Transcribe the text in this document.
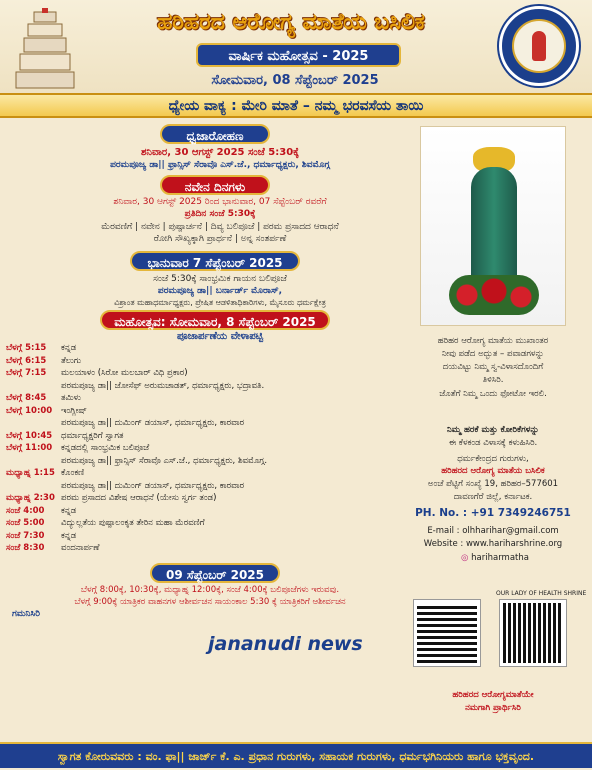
ಹರಿಹರದ ಆರೋಗ್ಯ ಮಾತೆಯ ಬಸಿಲಿಕ
ವಾರ್ಷಿಕ ಮಹೋತ್ಸವ - 2025
ಸೋಮವಾರ, 08 ಸೆಪ್ಟೆಂಬರ್ 2025
ಧ್ಯೇಯ ವಾಕ್ಯ : ಮೇರಿ ಮಾತೆ – ನಮ್ಮ ಭರವಸೆಯ ತಾಯಿ
ಧ್ವಜಾರೋಹಣ
ಶನಿವಾರ, 30 ಆಗಸ್ಟ್ 2025 ಸಂಜೆ 5:30ಕ್ಕೆ
ಪರಮಪೂಜ್ಯ ಡಾ|| ಫ್ರಾನ್ಸಿಸ್ ಸೆರಾವೊ ಎಸ್.ಜೆ., ಧರ್ಮಾಧ್ಯಕ್ಷರು, ಶಿವಮೊಗ್ಗ
ನವೇನ ದಿನಗಳು
ಶನಿವಾರ, 30 ಆಗಸ್ಟ್ 2025 ರಿಂದ ಭಾನುವಾರ, 07 ಸೆಪ್ಟೆಂಬರ್ ರವರೆಗೆ
ಪ್ರತಿದಿನ ಸಂಜೆ 5:30ಕ್ಕೆ
ಮೆರವಣಿಗೆ | ನವೇನ | ಪುಷ್ಪಾರ್ಚನೆ | ದಿವ್ಯ ಬಲಿಪೂಜೆ | ಪರಮ ಪ್ರಸಾದದ ಆರಾಧನೆ
ರೋಗಿ ಸೌಖ್ಯಕ್ಕಾಗಿ ಪ್ರಾರ್ಥನೆ | ಅನ್ನ ಸಂತರ್ಪಣೆ
ಭಾನುವಾರ 7 ಸೆಪ್ಟೆಂಬರ್ 2025
ಸಂಜೆ 5:30ಕ್ಕೆ ಸಾಂಭ್ರಮಿಕ ಗಾಯನ ಬಲಿಪೂಜೆ
ಪರಮಪೂಜ್ಯ ಡಾ|| ಬರ್ನಾರ್ಡ್ ಮೊರಾಸ್,
ವಿಶ್ರಾಂತ ಮಹಾಧರ್ಮಾಧ್ಯಕ್ಷರು, ಪ್ರೇಷಿತ ಆಡಳಿತಾಧಿಕಾರಿಗಳು, ಮೈಸೂರು ಧರ್ಮಕ್ಷೇತ್ರ
ಮಹೋತ್ಸವ: ಸೋಮವಾರ, 8 ಸೆಪ್ಟೆಂಬರ್ 2025
ಪೂಜಾರ್ಪಣೆಯ ವೇಳಾಪಟ್ಟಿ
ಬೆಳಗ್ಗೆ 5:15 ಕನ್ನಡ
ಬೆಳಗ್ಗೆ 6:15 ತೆಲುಗು
ಬೆಳಗ್ಗೆ 7:15 ಮಲಯಾಳಂ (ಸಿರೋ ಮಲಬಾರ್ ವಿಧಿ ಪ್ರಕಾರ)
ಪರಮಪೂಜ್ಯ ಡಾ|| ಜೋಸೆಫ್ ಅರುಮಚಾಡತ್, ಧರ್ಮಾಧ್ಯಕ್ಷರು, ಭದ್ರಾವತಿ.
ಬೆಳಗ್ಗೆ 8:45 ತಮಿಳು
ಬೆಳಗ್ಗೆ 10:00 ಇಂಗ್ಲೀಷ್
ಪರಮಪೂಜ್ಯ ಡಾ|| ದುಮಿಂಗ್ ಡಯಾಸ್, ಧರ್ಮಾಧ್ಯಕ್ಷರು, ಕಾರವಾರ
ಬೆಳಗ್ಗೆ 10:45 ಧರ್ಮಾಧ್ಯಕ್ಷರಿಗೆ ಸ್ವಾಗತ
ಬೆಳಗ್ಗೆ 11:00 ಕನ್ನಡದಲ್ಲಿ ಸಾಂಭ್ರಮಿಕ ಬಲಿಪೂಜೆ
ಪರಮಪೂಜ್ಯ ಡಾ|| ಫ್ರಾನ್ಸಿಸ್ ಸೆರಾವೊ ಎಸ್.ಜೆ., ಧರ್ಮಾಧ್ಯಕ್ಷರು, ಶಿವಮೊಗ್ಗ.
ಮಧ್ಯಾಹ್ನ 1:15 ಕೊಂಕಣಿ
ಪರಮಪೂಜ್ಯ ಡಾ|| ದುಮಿಂಗ್ ಡಯಾಸ್, ಧರ್ಮಾಧ್ಯಕ್ಷರು, ಕಾರವಾರ
ಮಧ್ಯಾಹ್ನ 2:30 ಪರಮ ಪ್ರಸಾದದ ವಿಶೇಷ ಆರಾಧನೆ (ಯೇಸು ಸ್ವರ್ಗ ತಂಡ)
ಸಂಜೆ 4:00 ಕನ್ನಡ
ಸಂಜೆ 5:00 ವಿದ್ಯುಲ್ಲತೆಯ ಪುಷ್ಪಾಲಂಕೃತ ತೇರಿನ ಮಹಾ ಮೆರವಣಿಗೆ
ಸಂಜೆ 7:30 ಕನ್ನಡ
ಸಂಜೆ 8:30 ವಂದನಾರ್ಪಣೆ
09 ಸೆಪ್ಟೆಂಬರ್ 2025
ಬೆಳಗ್ಗೆ 8:00ಕ್ಕೆ, 10:30ಕ್ಕೆ, ಮಧ್ಯಾಹ್ನ 12:00ಕ್ಕೆ, ಸಂಜೆ 4:00ಕ್ಕೆ ಬಲಿಪೂಜೆಗಳು ಇರುವವು.
ಬೆಳಗ್ಗೆ 9:00ಕ್ಕೆ ಯಾತ್ರಿಕರ ವಾಹನಗಳ ಆಶೀರ್ವಚನ ಸಾಯಂಕಾಲ 5:30 ಕ್ಕೆ ಯಾತ್ರಿಕರಿಗೆ ಆಶೀರ್ವಚನ
ಗಮನಿಸಿರಿ
jananudi news
ಹರಿಹರ ಆರೋಗ್ಯ ಮಾತೆಯ ಮುಖಾಂತರ
ನೀವು ಪಡೆದ ಅದ್ಭುತ – ಪವಾಡಗಳನ್ನು
ದಯವಿಟ್ಟು ನಿಮ್ಮ ಸ್ವ-ವಿಳಾಸದೊಂದಿಗೆ
ತಿಳಿಸಿರಿ.
ಜೊತೆಗೆ ನಿಮ್ಮ ಒಂದು ಫೋಟೋ ಇರಲಿ.
ನಿಮ್ಮ ಹರಕೆ ಮತ್ತು ಕೋರಿಕೆಗಳನ್ನು
ಈ ಕೆಳಕಂಡ ವಿಳಾಸಕ್ಕೆ ಕಳುಹಿಸಿರಿ.
ಧರ್ಮಕೇಂದ್ರದ ಗುರುಗಳು,
ಹರಿಹರದ ಆರೋಗ್ಯ ಮಾತೆಯ ಬಸಿಲಿಕ
ಅಂಚೆ ಪೆಟ್ಟಿಗೆ ಸಂಖ್ಯೆ 19, ಹರಿಹರ–577601
ದಾವಣಗೆರೆ ಜಿಲ್ಲೆ, ಕರ್ನಾಟಕ.
PH. No. : +91 7349246751
E-mail : olhharihar@gmail.com
Website : www.hariharshrine.org
◎ hariharmatha
OUR LADY OF HEALTH SHRINE
ಹರಿಹರದ ಆರೋಗ್ಯಮಾತೆಯೇ
ನಮಗಾಗಿ ಪ್ರಾರ್ಥಿಸಿರಿ
ಸ್ವಾಗತ ಕೋರುವವರು : ವಂ. ಫಾ|| ಜಾರ್ಜ್ ಕೆ. ಎ. ಪ್ರಧಾನ ಗುರುಗಳು, ಸಹಾಯಕ ಗುರುಗಳು, ಧರ್ಮಭಗಿನಿಯರು ಹಾಗೂ ಭಕ್ತವೃಂದ.
